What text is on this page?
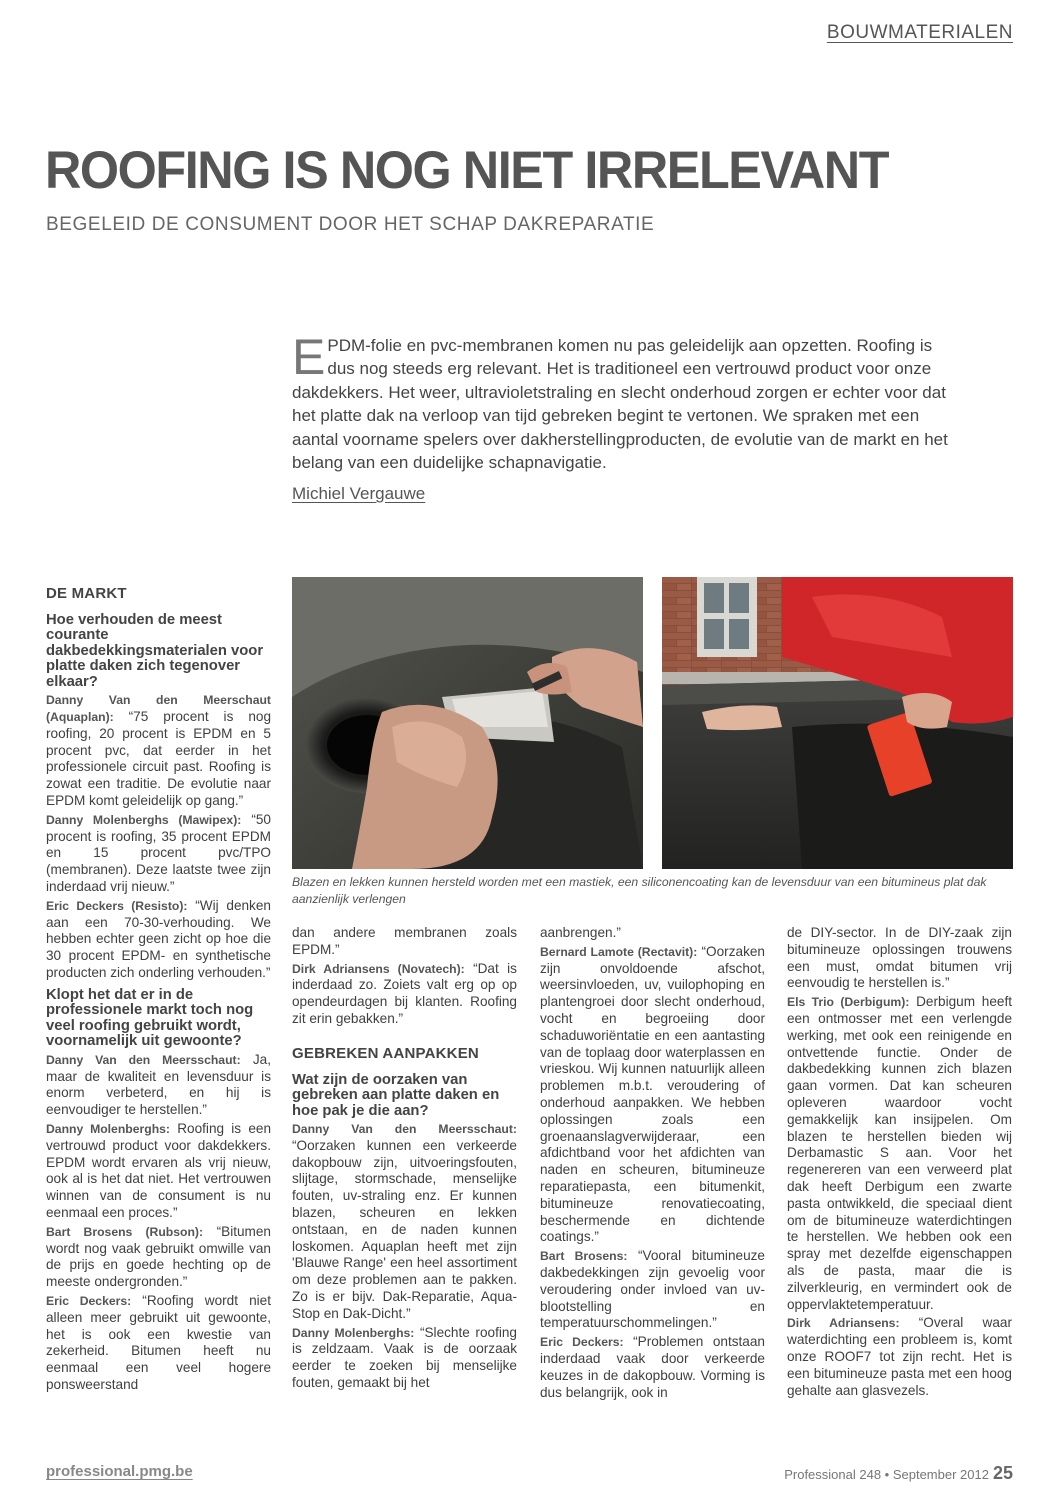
BOUWMATERIALEN
ROOFING IS NOG NIET IRRELEVANT
BEGELEID DE CONSUMENT DOOR HET SCHAP DAKREPARATIE
EPDM-folie en pvc-membranen komen nu pas geleidelijk aan opzetten. Roofing is dus nog steeds erg relevant. Het is traditioneel een vertrouwd product voor onze dakdekkers. Het weer, ultravioletstraling en slecht onderhoud zorgen er echter voor dat het platte dak na verloop van tijd gebreken begint te vertonen. We spraken met een aantal voorname spelers over dakherstellingproducten, de evolutie van de markt en het belang van een duidelijke schapnavigatie.
Michiel Vergauwe
Blazen en lekken kunnen hersteld worden met een mastiek, een siliconencoating kan de levensduur van een bitumineus plat dak aanzienlijk verlengen
DE MARKT
Hoe verhouden de meest courante dakbedekkingsmaterialen voor platte daken zich tegenover elkaar?

Danny Van den Meerschaut (Aquaplan): “75 procent is nog roofing, 20 procent is EPDM en 5 procent pvc, dat eerder in het professionele circuit past. Roofing is zowat een traditie. De evolutie naar EPDM komt geleidelijk op gang.”

Danny Molenberghs (Mawipex): “50 procent is roofing, 35 procent EPDM en 15 procent pvc/TPO (membranen). Deze laatste twee zijn inderdaad vrij nieuw.”

Eric Deckers (Resisto): “Wij denken aan een 70-30-verhouding. We hebben echter geen zicht op hoe die 30 procent EPDM- en synthetische producten zich onderling verhouden.”

Klopt het dat er in de professionele markt toch nog veel roofing gebruikt wordt, voornamelijk uit gewoonte?

Danny Van den Meersschaut: Ja, maar de kwaliteit en levensduur is enorm verbeterd, en hij is eenvoudiger te herstellen.”

Danny Molenberghs: Roofing is een vertrouwd product voor dakdekkers. EPDM wordt ervaren als vrij nieuw, ook al is het dat niet. Het vertrouwen winnen van de consument is nu eenmaal een proces.”

Bart Brosens (Rubson): “Bitumen wordt nog vaak gebruikt omwille van de prijs en goede hechting op de meeste ondergronden.”

Eric Deckers: “Roofing wordt niet alleen meer gebruikt uit gewoonte, het is ook een kwestie van zekerheid. Bitumen heeft nu eenmaal een veel hogere ponsweerstand

dan andere membranen zoals EPDM.”

Dirk Adriansens (Novatech): “Dat is inderdaad zo. Zoiets valt erg op op opendeurdagen bij klanten. Roofing zit erin gebakken.”

GEBREKEN AANPAKKEN
Wat zijn de oorzaken van gebreken aan platte daken en hoe pak je die aan?

Danny Van den Meersschaut: “Oorzaken kunnen een verkeerde dakopbouw zijn, uitvoeringsfouten, slijtage, stormschade, menselijke fouten, uv-straling enz. Er kunnen blazen, scheuren en lekken ontstaan, en de naden kunnen loskomen. Aquaplan heeft met zijn 'Blauwe Range' een heel assortiment om deze problemen aan te pakken. Zo is er bijv. Dak-Reparatie, Aqua-Stop en Dak-Dicht.”

Danny Molenberghs: “Slechte roofing is zeldzaam. Vaak is de oorzaak eerder te zoeken bij menselijke fouten, gemaakt bij het

aanbrengen.”

Bernard Lamote (Rectavit): “Oorzaken zijn onvoldoende afschot, weersinvloeden, uv, vuilophoping en plantengroei door slecht onderhoud, vocht en begroeiing door schaduworiëntatie en een aantasting van de toplaag door waterplassen en vrieskou. Wij kunnen natuurlijk alleen problemen m.b.t. veroudering of onderhoud aanpakken. We hebben oplossingen zoals een groenaanslagverwijderaar, een afdichtband voor het afdichten van naden en scheuren, bitumineuze reparatiepasta, een bitumenkit, bitumineuze renovatiecoating, beschermende en dichtende coatings.”

Bart Brosens: “Vooral bitumineuze dakbedekkingen zijn gevoelig voor veroudering onder invloed van uv-blootstelling en temperatuurschommelingen.”

Eric Deckers: “Problemen ontstaan inderdaad vaak door verkeerde keuzes in de dakopbouw. Vorming is dus belangrijk, ook in

de DIY-sector. In de DIY-zaak zijn bitumineuze oplossingen trouwens een must, omdat bitumen vrij eenvoudig te herstellen is.”

Els Trio (Derbigum): Derbigum heeft een ontmosser met een verlengde werking, met ook een reinigende en ontvettende functie. Onder de dakbedekking kunnen zich blazen gaan vormen. Dat kan scheuren opleveren waardoor vocht gemakkelijk kan insijpelen. Om blazen te herstellen bieden wij Derbamastic S aan. Voor het regenereren van een verweerd plat dak heeft Derbigum een zwarte pasta ontwikkeld, die speciaal dient om de bitumineuze waterdichtingen te herstellen. We hebben ook een spray met dezelfde eigenschappen als de pasta, maar die is zilverkleurig, en vermindert ook de oppervlaktetemperatuur.

Dirk Adriansens: “Overal waar waterdichting een probleem is, komt onze ROOF7 tot zijn recht. Het is een bitumineuze pasta met een hoog gehalte aan glasvezels.

professional.pmg.be	Professional 248 • September 2012 25
